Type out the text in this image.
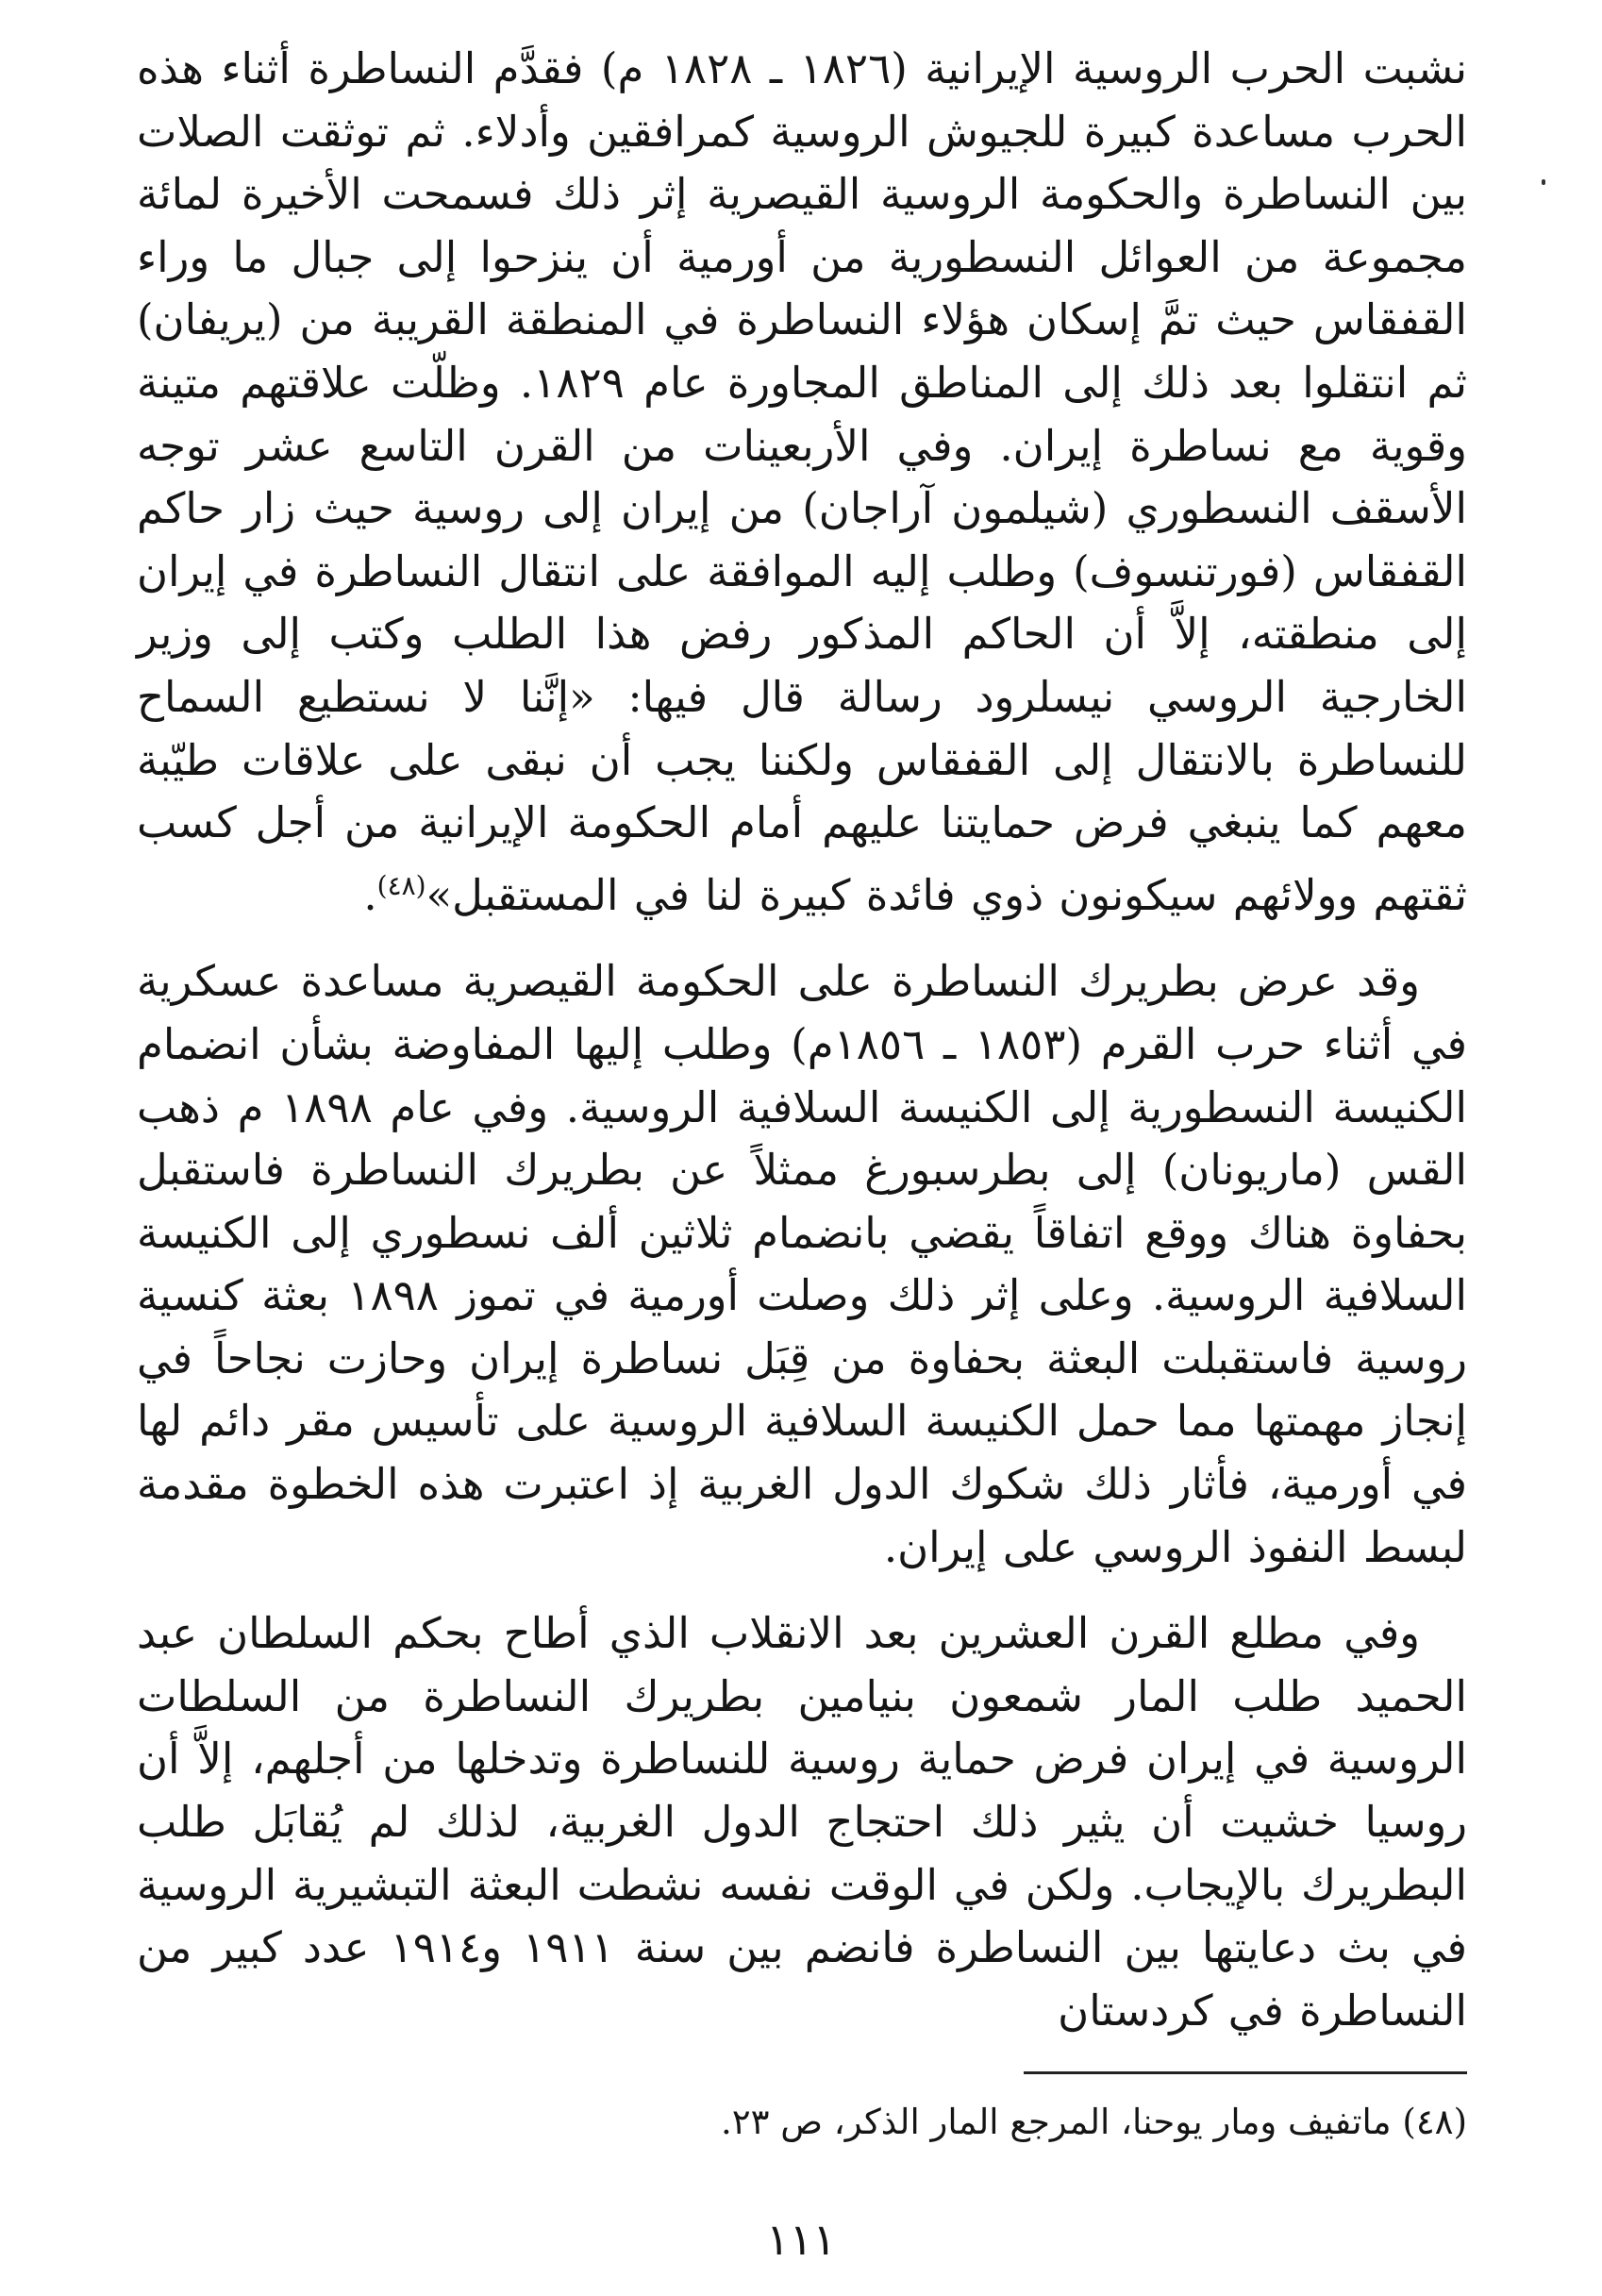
نشبت الحرب الروسية الإيرانية (١٨٢٦ ـ ١٨٢٨ م) فقدَّم النساطرة أثناء هذه الحرب مساعدة كبيرة للجيوش الروسية كمرافقين وأدلاء. ثم توثقت الصلات بين النساطرة والحكومة الروسية القيصرية إثر ذلك فسمحت الأخيرة لمائة مجموعة من العوائل النسطورية من أورمية أن ينزحوا إلى جبال ما وراء القفقاس حيث تمَّ إسكان هؤلاء النساطرة في المنطقة القريبة من (يريفان) ثم انتقلوا بعد ذلك إلى المناطق المجاورة عام ١٨٢٩. وظلّت علاقتهم متينة وقوية مع نساطرة إيران. وفي الأربعينات من القرن التاسع عشر توجه الأسقف النسطوري (شيلمون آراجان) من إيران إلى روسية حيث زار حاكم القفقاس (فورتنسوف) وطلب إليه الموافقة على انتقال النساطرة في إيران إلى منطقته، إلاَّ أن الحاكم المذكور رفض هذا الطلب وكتب إلى وزير الخارجية الروسي نيسلرود رسالة قال فيها: «إنَّنا لا نستطيع السماح للنساطرة بالانتقال إلى القفقاس ولكننا يجب أن نبقى على علاقات طيّبة معهم كما ينبغي فرض حمايتنا عليهم أمام الحكومة الإيرانية من أجل كسب ثقتهم وولائهم سيكونون ذوي فائدة كبيرة لنا في المستقبل»$^{(٤٨)}$.

وقد عرض بطريرك النساطرة على الحكومة القيصرية مساعدة عسكرية في أثناء حرب القرم (١٨٥٣ ـ ١٨٥٦م) وطلب إليها المفاوضة بشأن انضمام الكنيسة النسطورية إلى الكنيسة السلافية الروسية. وفي عام ١٨٩٨ م ذهب القس (ماريونان) إلى بطرسبورغ ممثلاً عن بطريرك النساطرة فاستقبل بحفاوة هناك ووقع اتفاقاً يقضي بانضمام ثلاثين ألف نسطوري إلى الكنيسة السلافية الروسية. وعلى إثر ذلك وصلت أورمية في تموز ١٨٩٨ بعثة كنسية روسية فاستقبلت البعثة بحفاوة من قِبَل نساطرة إيران وحازت نجاحاً في إنجاز مهمتها مما حمل الكنيسة السلافية الروسية على تأسيس مقر دائم لها في أورمية، فأثار ذلك شكوك الدول الغربية إذ اعتبرت هذه الخطوة مقدمة لبسط النفوذ الروسي على إيران.

وفي مطلع القرن العشرين بعد الانقلاب الذي أطاح بحكم السلطان عبد الحميد طلب المار شمعون بنيامين بطريرك النساطرة من السلطات الروسية في إيران فرض حماية روسية للنساطرة وتدخلها من أجلهم، إلاَّ أن روسيا خشيت أن يثير ذلك احتجاج الدول الغربية، لذلك لم يُقابَل طلب البطريرك بالإيجاب. ولكن في الوقت نفسه نشطت البعثة التبشيرية الروسية في بث دعايتها بين النساطرة فانضم بين سنة ١٩١١ و١٩١٤ عدد كبير من النساطرة في كردستان

(٤٨) ماتفيف ومار يوحنا، المرجع المار الذكر، ص ٢٣.

١١١
